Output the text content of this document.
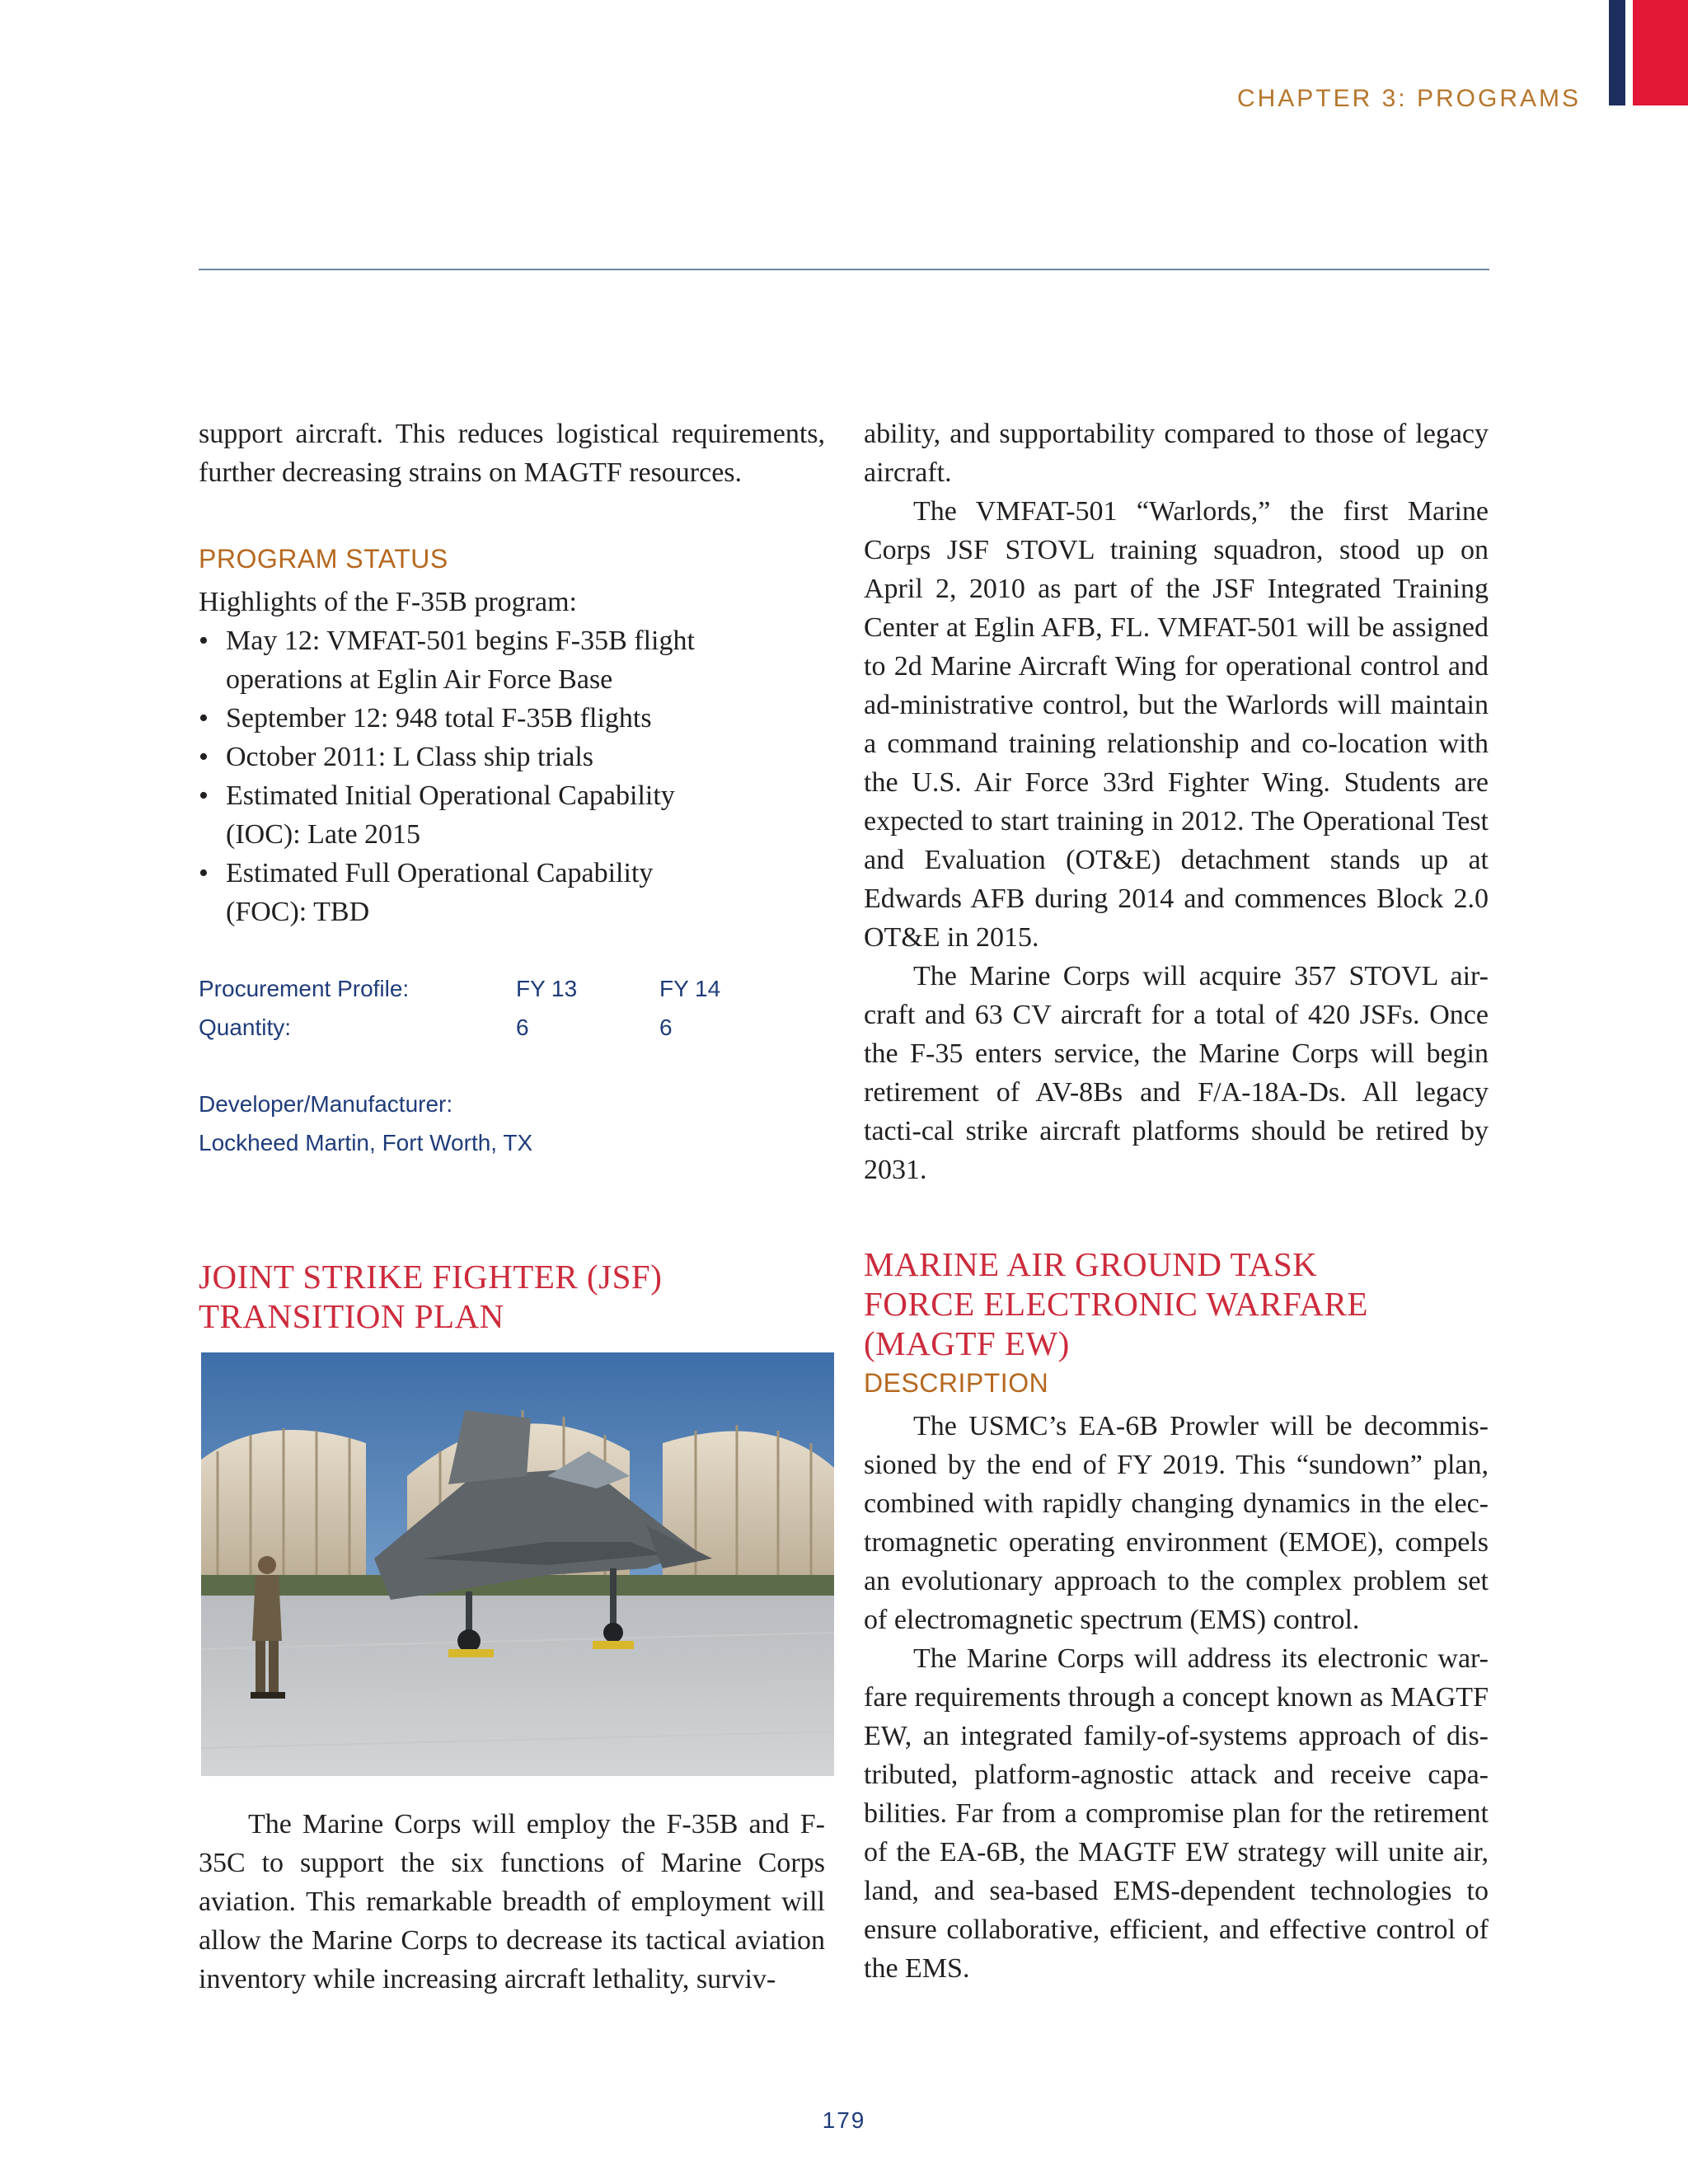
CHAPTER 3: PROGRAMS

support aircraft. This reduces logistical requirements, further decreasing strains on MAGTF resources.

PROGRAM STATUS

Highlights of the F-35B program:

• May 12: VMFAT-501 begins F-35B flight operations at Eglin Air Force Base
• September 12: 948 total F-35B flights
• October 2011: L Class ship trials
• Estimated Initial Operational Capability (IOC): Late 2015
• Estimated Full Operational Capability (FOC): TBD
Procurement Profile:	FY 13	FY 14
Quantity:	6	6
Developer/Manufacturer:
Lockheed Martin, Fort Worth, TX
JOINT STRIKE FIGHTER (JSF)
TRANSITION PLAN

The Marine Corps will employ the F-35B and F-35C to support the six functions of Marine Corps aviation. This remarkable breadth of employment will allow the Marine Corps to decrease its tactical aviation inventory while increasing aircraft lethality, surviv-

ability, and supportability compared to those of legacy aircraft.

The VMFAT-501 “Warlords,” the first Marine Corps JSF STOVL training squadron, stood up on April 2, 2010 as part of the JSF Integrated Training Center at Eglin AFB, FL. VMFAT-501 will be assigned to 2d Marine Aircraft Wing for operational control and ad-ministrative control, but the Warlords will maintain a command training relationship and co-location with the U.S. Air Force 33rd Fighter Wing. Students are expected to start training in 2012. The Operational Test and Evaluation (OT&E) detachment stands up at Edwards AFB during 2014 and commences Block 2.0 OT&E in 2015.

The Marine Corps will acquire 357 STOVL air-craft and 63 CV aircraft for a total of 420 JSFs. Once the F-35 enters service, the Marine Corps will begin retirement of AV-8Bs and F/A-18A-Ds. All legacy tacti-cal strike aircraft platforms should be retired by 2031.

MARINE AIR GROUND TASK
FORCE ELECTRONIC WARFARE
(MAGTF EW)
DESCRIPTION

The USMC’s EA-6B Prowler will be decommis-sioned by the end of FY 2019. This “sundown” plan, combined with rapidly changing dynamics in the elec-tromagnetic operating environment (EMOE), compels an evolutionary approach to the complex problem set of electromagnetic spectrum (EMS) control.

The Marine Corps will address its electronic war-fare requirements through a concept known as MAGTF EW, an integrated family-of-systems approach of dis-tributed, platform-agnostic attack and receive capa-bilities. Far from a compromise plan for the retirement of the EA-6B, the MAGTF EW strategy will unite air, land, and sea-based EMS-dependent technologies to ensure collaborative, efficient, and effective control of the EMS.

179
